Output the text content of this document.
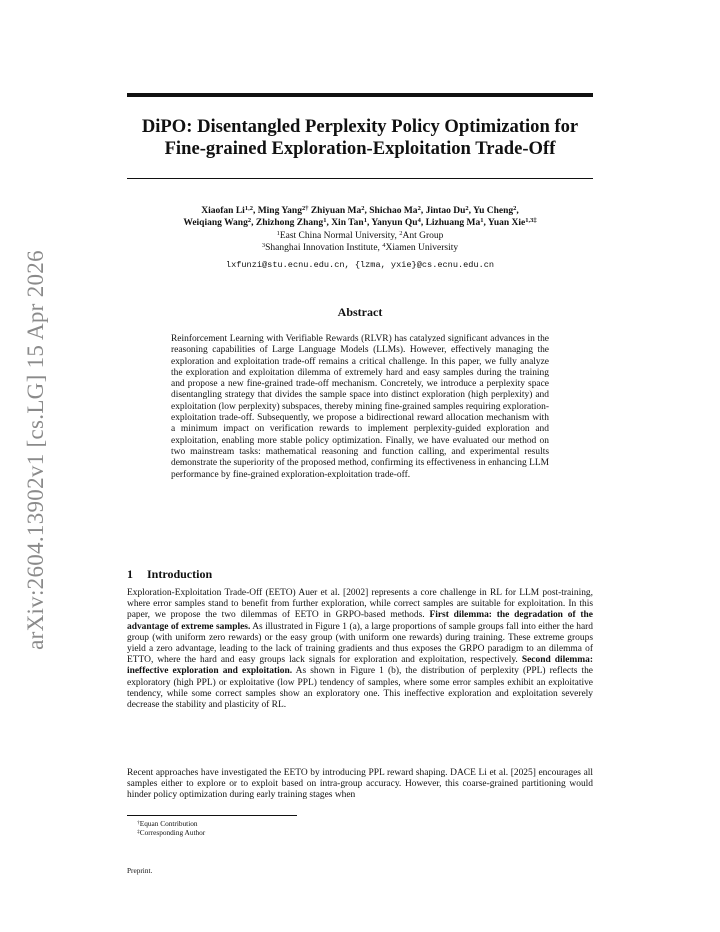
arXiv:2604.13902v1 [cs.LG] 15 Apr 2026
DiPO: Disentangled Perplexity Policy Optimization for
Fine-grained Exploration-Exploitation Trade-Off
Xiaofan Li$^{1,2}$, Ming Yang$^{2\dagger}$ Zhiyuan Ma$^2$, Shichao Ma$^2$, Jintao Du$^2$, Yu Cheng$^2$,
Weiqiang Wang$^2$, Zhizhong Zhang$^1$, Xin Tan$^1$, Yanyun Qu$^4$, Lizhuang Ma$^1$, Yuan Xie$^{1,3\ddagger}$
$^1$East China Normal University, $^2$Ant Group
$^3$Shanghai Innovation Institute, $^4$Xiamen University
lxfunzi@stu.ecnu.edu.cn, {lzma, yxie}@cs.ecnu.edu.cn
Abstract

Reinforcement Learning with Verifiable Rewards (RLVR) has catalyzed significant advances in the reasoning capabilities of Large Language Models (LLMs). However, effectively managing the exploration and exploitation trade-off remains a critical challenge. In this paper, we fully analyze the exploration and exploitation dilemma of extremely hard and easy samples during the training and propose a new fine-grained trade-off mechanism. Concretely, we introduce a perplexity space disentangling strategy that divides the sample space into distinct exploration (high perplexity) and exploitation (low perplexity) subspaces, thereby mining fine-grained samples requiring exploration-exploitation trade-off. Subsequently, we propose a bidirectional reward allocation mechanism with a minimum impact on verification rewards to implement perplexity-guided exploration and exploitation, enabling more stable policy optimization. Finally, we have evaluated our method on two mainstream tasks: mathematical reasoning and function calling, and experimental results demonstrate the superiority of the proposed method, confirming its effectiveness in enhancing LLM performance by fine-grained exploration-exploitation trade-off.

1 Introduction

Exploration-Exploitation Trade-Off (EETO) Auer et al. [2002] represents a core challenge in RL for LLM post-training, where error samples stand to benefit from further exploration, while correct samples are suitable for exploitation. In this paper, we propose the two dilemmas of EETO in GRPO-based methods. First dilemma: the degradation of the advantage of extreme samples. As illustrated in Figure 1 (a), a large proportions of sample groups fall into either the hard group (with uniform zero rewards) or the easy group (with uniform one rewards) during training. These extreme groups yield a zero advantage, leading to the lack of training gradients and thus exposes the GRPO paradigm to an dilemma of ETTO, where the hard and easy groups lack signals for exploration and exploitation, respectively. Second dilemma: ineffective exploration and exploitation. As shown in Figure 1 (b), the distribution of perplexity (PPL) reflects the exploratory (high PPL) or exploitative (low PPL) tendency of samples, where some error samples exhibit an exploitative tendency, while some correct samples show an exploratory one. This ineffective exploration and exploitation severely decrease the stability and plasticity of RL.

Recent approaches have investigated the EETO by introducing PPL reward shaping. DACE Li et al. [2025] encourages all samples either to explore or to exploit based on intra-group accuracy. However, this coarse-grained partitioning would hinder policy optimization during early training stages when

†Equan Contribution
‡Corresponding Author
Preprint.
